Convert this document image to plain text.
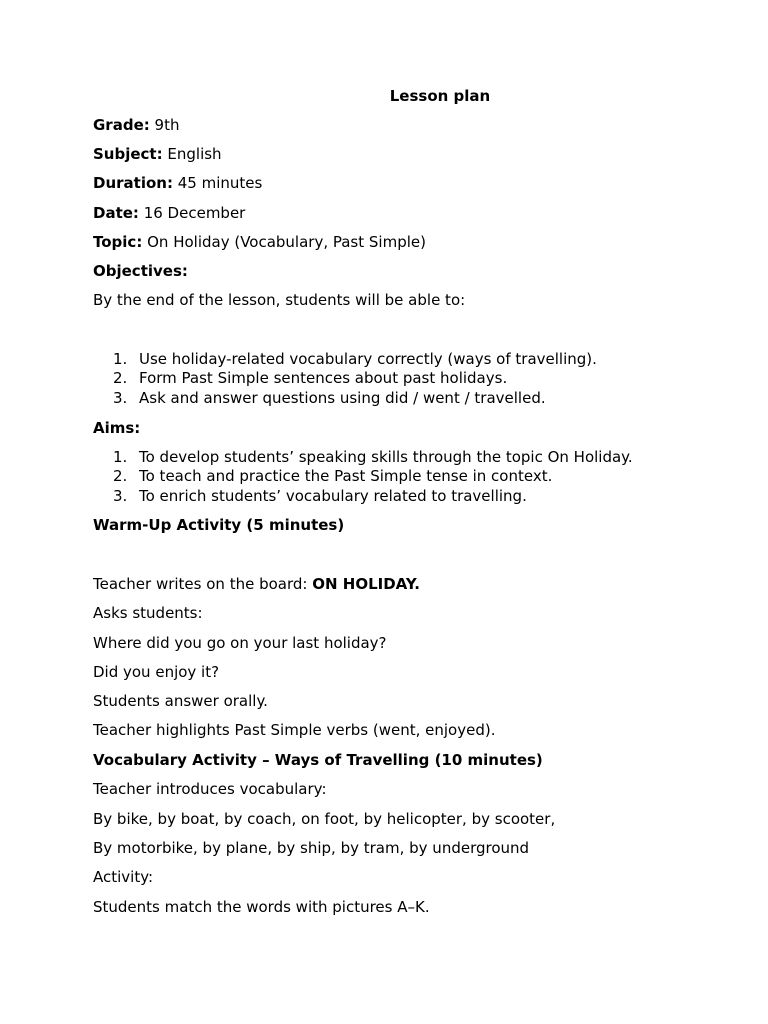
Lesson plan
Grade: 9th
Subject: English
Duration: 45 minutes
Date: 16 December
Topic: On Holiday (Vocabulary, Past Simple)
Objectives:
By the end of the lesson, students will be able to:
1. Use holiday-related vocabulary correctly (ways of travelling).
2. Form Past Simple sentences about past holidays.
3. Ask and answer questions using did / went / travelled.
Aims:
1. To develop students’ speaking skills through the topic On Holiday.
2. To teach and practice the Past Simple tense in context.
3. To enrich students’ vocabulary related to travelling.
Warm-Up Activity (5 minutes)
Teacher writes on the board: ON HOLIDAY.
Asks students:
Where did you go on your last holiday?
Did you enjoy it?
Students answer orally.
Teacher highlights Past Simple verbs (went, enjoyed).
Vocabulary Activity – Ways of Travelling (10 minutes)
Teacher introduces vocabulary:
By bike, by boat, by coach, on foot, by helicopter, by scooter,
By motorbike, by plane, by ship, by tram, by underground
Activity:
Students match the words with pictures A–K.
